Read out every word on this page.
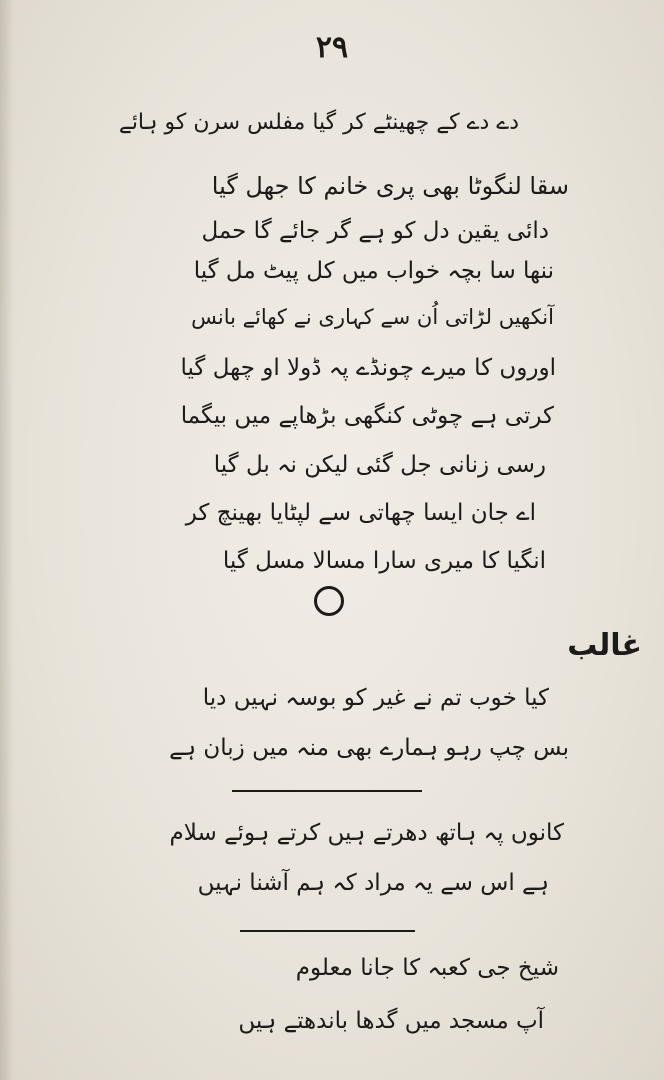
۲۹
دے دے کے چھینٹے کر گیا مفلس سرن کو ہائے
سقا لنگوٹا بھی پری خانم کا جھل گیا
دائی یقین دل کو ہے گر جائے گا حمل
ننھا سا بچہ خواب میں کل پیٹ مل گیا
آنکھیں لڑاتی اُن سے کہاری نے کھائے بانس
اوروں کا میرے چونڈے پہ ڈولا او چھل گیا
کرتی ہے چوٹی کنگھی بڑھاپے میں بیگما
رسی زنانی جل گئی لیکن نہ بل گیا
اے جان ایسا چھاتی سے لپٹایا بھینچ کر
انگیا کا میری سارا مسالا مسل گیا
غالب
کیا خوب تم نے غیر کو بوسہ نہیں دیا
بس چپ رہو ہمارے بھی منہ میں زبان ہے
کانوں پہ ہاتھ دھرتے ہیں کرتے ہوئے سلام
ہے اس سے یہ مراد کہ ہم آشنا نہیں
شیخ جی کعبہ کا جانا معلوم
آپ مسجد میں گدھا باندھتے ہیں
